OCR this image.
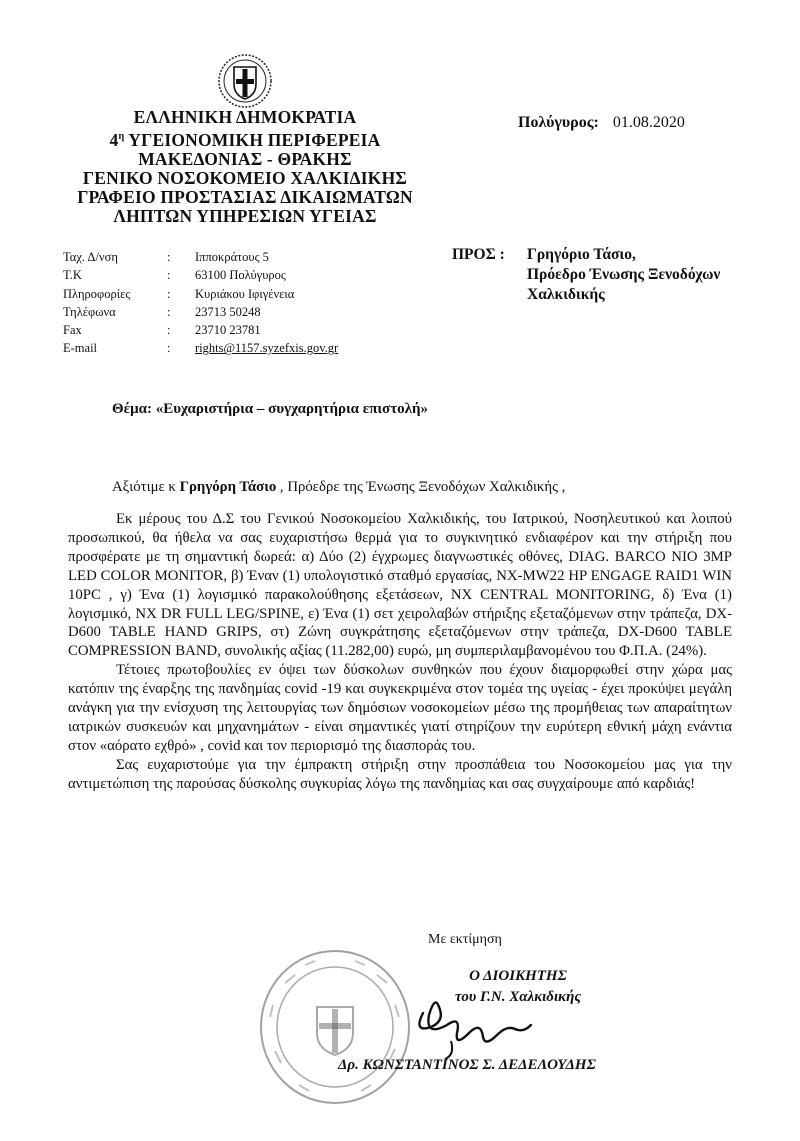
ΕΛΛΗΝΙΚΗ ΔΗΜΟΚΡΑΤΙΑ
$4^\eta$ ΥΓΕΙΟΝΟΜΙΚΗ ΠΕΡΙΦΕΡΕΙΑ
ΜΑΚΕΔΟΝΙΑΣ - ΘΡΑΚΗΣ
ΓΕΝΙΚΟ ΝΟΣΟΚΟΜΕΙΟ ΧΑΛΚΙΔΙΚΗΣ
ΓΡΑΦΕΙΟ ΠΡΟΣΤΑΣΙΑΣ ΔΙΚΑΙΩΜΑΤΩΝ
ΛΗΠΤΩΝ ΥΠΗΡΕΣΙΩΝ ΥΓΕΙΑΣ
Πολύγυρος: 01.08.2020
Ταχ. Δ/νση	:	Ιπποκράτους 5
Τ.Κ	:	63100 Πολύγυρος
Πληροφορίες	:	Κυριάκου Ιφιγένεια
Τηλέφωνα	:	23713 50248
Fax	:	23710 23781
E-mail	:	rights@1157.syzefxis.gov.gr
ΠΡΟΣ : Γρηγόριο Τάσιο,
Πρόεδρο Ένωσης Ξενοδόχων
Χαλκιδικής
Θέμα: «Ευχαριστήρια – συγχαρητήρια επιστολή»
Αξιότιμε κ Γρηγόρη Τάσιο , Πρόεδρε της Ένωσης Ξενοδόχων Χαλκιδικής ,

Εκ μέρους του Δ.Σ του Γενικού Νοσοκομείου Χαλκιδικής, του Ιατρικού, Νοσηλευτικού και λοιπού προσωπικού, θα ήθελα να σας ευχαριστήσω θερμά για το συγκινητικό ενδιαφέρον και την στήριξη που προσφέρατε με τη σημαντική δωρεά: α) Δύο (2) έγχρωμες διαγνωστικές οθόνες, DIAG. BARCO NIO 3MP LED COLOR MONITOR, β) Έναν (1) υπολογιστικό σταθμό εργασίας, NX-MW22 HP ENGAGE RAID1 WIN 10PC , γ) Ένα (1) λογισμικό παρακολούθησης εξετάσεων, NX CENTRAL MONITORING, δ) Ένα (1) λογισμικό, NX DR FULL LEG/SPINE, ε) Ένα (1) σετ χειρολαβών στήριξης εξεταζόμενων στην τράπεζα, DX-D600 TABLE HAND GRIPS, στ) Ζώνη συγκράτησης εξεταζόμενων στην τράπεζα, DX-D600 TABLE COMPRESSION BAND, συνολικής αξίας (11.282,00) ευρώ, μη συμπεριλαμβανομένου του Φ.Π.Α. (24%).

Τέτοιες πρωτοβουλίες εν όψει των δύσκολων συνθηκών που έχουν διαμορφωθεί στην χώρα μας κατόπιν της έναρξης της πανδημίας covid -19 και συγκεκριμένα στον τομέα της υγείας - έχει προκύψει μεγάλη ανάγκη για την ενίσχυση της λειτουργίας των δημόσιων νοσοκομείων μέσω της προμήθειας των απαραίτητων ιατρικών συσκευών και μηχανημάτων - είναι σημαντικές γιατί στηρίζουν την ευρύτερη εθνική μάχη ενάντια στον «αόρατο εχθρό» , covid και τον περιορισμό της διασποράς του.

Σας ευχαριστούμε για την έμπρακτη στήριξη στην προσπάθεια του Νοσοκομείου μας για την αντιμετώπιση της παρούσας δύσκολης συγκυρίας λόγω της πανδημίας και σας συγχαίρουμε από καρδιάς!

Με εκτίμηση
Ο ΔΙΟΙΚΗΤΗΣ
του Γ.Ν. Χαλκιδικής
Δρ. ΚΩΝΣΤΑΝΤΙΝΟΣ Σ. ΔΕΔΕΛΟΥΔΗΣ
